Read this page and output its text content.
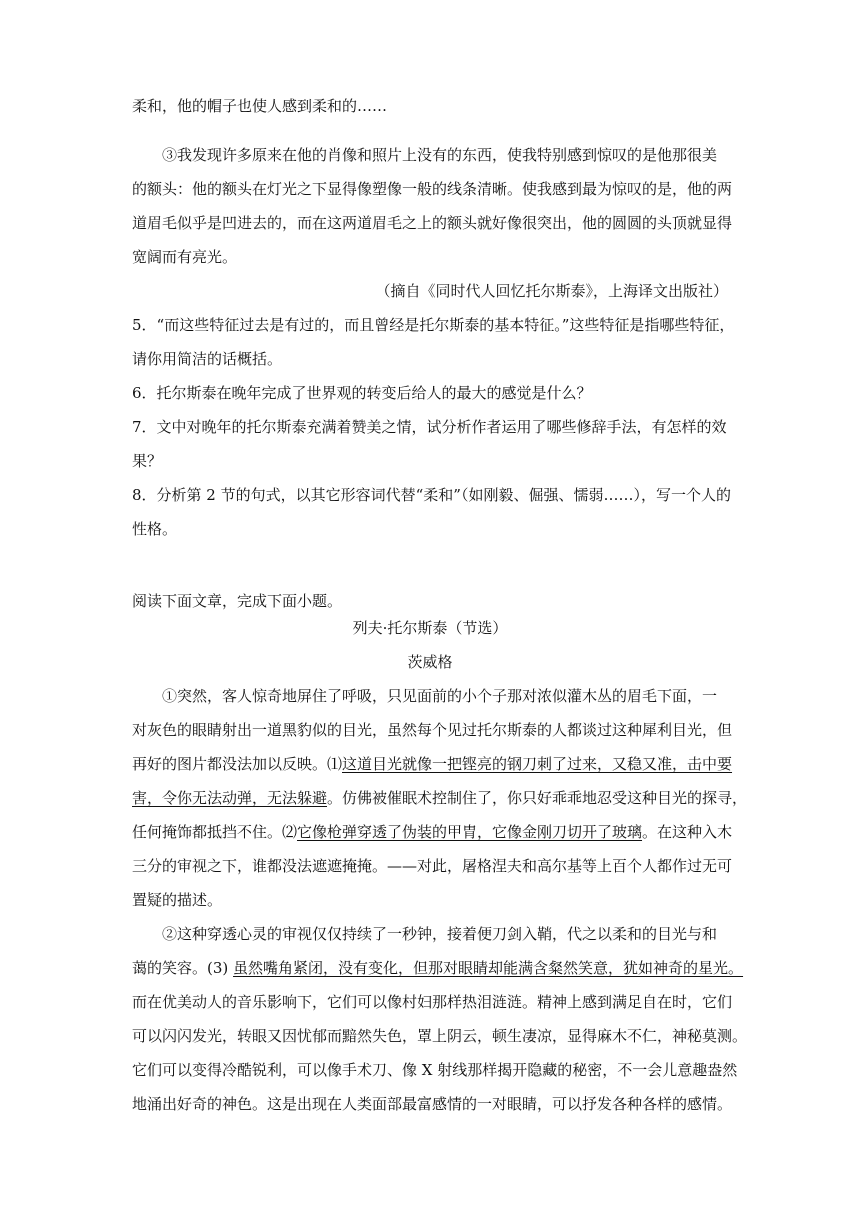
柔和，他的帽子也使人感到柔和的……
③我发现许多原来在他的肖像和照片上没有的东西，使我特别感到惊叹的是他那很美
的额头：他的额头在灯光之下显得像塑像一般的线条清晰。使我感到最为惊叹的是，他的两
道眉毛似乎是凹进去的，而在这两道眉毛之上的额头就好像很突出，他的圆圆的头顶就显得
宽阔而有亮光。
（摘自《同时代人回忆托尔斯泰》，上海译文出版社）
5．“而这些特征过去是有过的，而且曾经是托尔斯泰的基本特征。”这些特征是指哪些特征，
请你用简洁的话概括。
6．托尔斯泰在晚年完成了世界观的转变后给人的最大的感觉是什么？
7．文中对晚年的托尔斯泰充满着赞美之情，试分析作者运用了哪些修辞手法，有怎样的效
果？
8．分析第 2 节的句式，以其它形容词代替“柔和”（如刚毅、倔强、懦弱……），写一个人的
性格。
阅读下面文章，完成下面小题。
列夫·托尔斯泰（节选）
茨威格
①突然，客人惊奇地屏住了呼吸，只见面前的小个子那对浓似灌木丛的眉毛下面，一
对灰色的眼睛射出一道黑豹似的目光，虽然每个见过托尔斯泰的人都谈过这种犀利目光，但
再好的图片都没法加以反映。⑴这道目光就像一把铿亮的钢刀刺了过来，又稳又准，击中要
害，令你无法动弹，无法躲避。仿佛被催眠术控制住了，你只好乖乖地忍受这种目光的探寻，
任何掩饰都抵挡不住。⑵它像枪弹穿透了伪装的甲胄，它像金刚刀切开了玻璃。在这种入木
三分的审视之下，谁都没法遮遮掩掩。——对此，屠格涅夫和高尔基等上百个人都作过无可
置疑的描述。
②这种穿透心灵的审视仅仅持续了一秒钟，接着便刀剑入鞘，代之以柔和的目光与和
蔼的笑容。(3) 虽然嘴角紧闭，没有变化，但那对眼睛却能满含粲然笑意，犹如神奇的星光。
而在优美动人的音乐影响下，它们可以像村妇那样热泪涟涟。精神上感到满足自在时，它们
可以闪闪发光，转眼又因忧郁而黯然失色，罩上阴云，顿生凄凉，显得麻木不仁，神秘莫测。
它们可以变得冷酷锐利，可以像手术刀、像 X 射线那样揭开隐藏的秘密，不一会儿意趣盎然
地涌出好奇的神色。这是出现在人类面部最富感情的一对眼睛，可以抒发各种各样的感情。
